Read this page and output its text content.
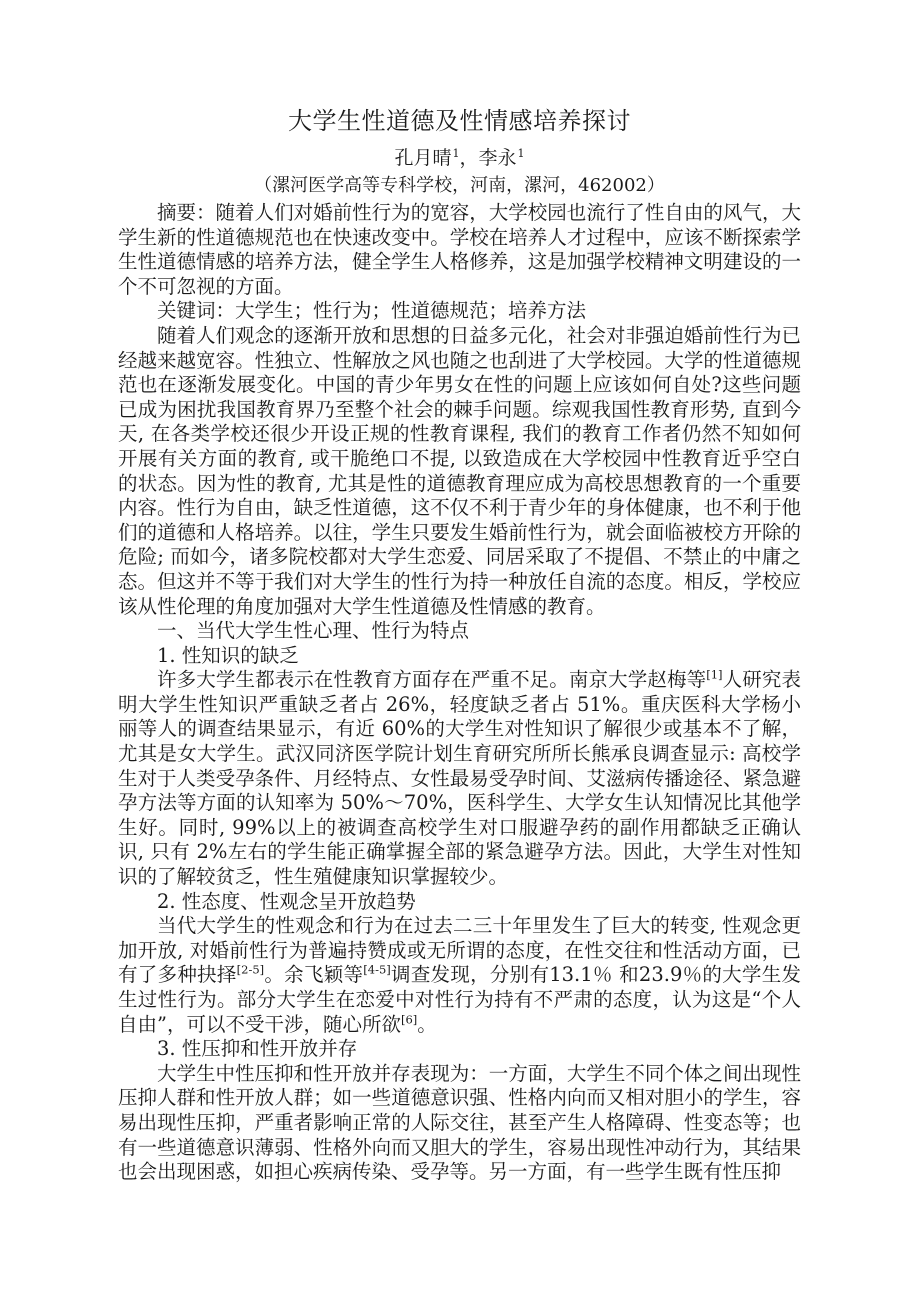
大学生性道德及性情感培养探讨
孔月晴$^1$，李永$^1$
（漯河医学高等专科学校，河南，漯河，462002）

摘要：随着人们对婚前性行为的宽容，大学校园也流行了性自由的风气，大学生新的性道德规范也在快速改变中。学校在培养人才过程中，应该不断探索学生性道德情感的培养方法，健全学生人格修养，这是加强学校精神文明建设的一个不可忽视的方面。

关键词：大学生；性行为；性道德规范；培养方法

随着人们观念的逐渐开放和思想的日益多元化，社会对非强迫婚前性行为已经越来越宽容。性独立、性解放之风也随之也刮进了大学校园。大学的性道德规范也在逐渐发展变化。中国的青少年男女在性的问题上应该如何自处?这些问题已成为困扰我国教育界乃至整个社会的棘手问题。综观我国性教育形势, 直到今天, 在各类学校还很少开设正规的性教育课程, 我们的教育工作者仍然不知如何开展有关方面的教育, 或干脆绝口不提, 以致造成在大学校园中性教育近乎空白的状态。因为性的教育, 尤其是性的道德教育理应成为高校思想教育的一个重要内容。性行为自由，缺乏性道德，这不仅不利于青少年的身体健康，也不利于他们的道德和人格培养。以往，学生只要发生婚前性行为，就会面临被校方开除的危险; 而如今，诸多院校都对大学生恋爱、同居采取了不提倡、不禁止的中庸之态。但这并不等于我们对大学生的性行为持一种放任自流的态度。相反，学校应该从性伦理的角度加强对大学生性道德及性情感的教育。

一、当代大学生性心理、性行为特点
1. 性知识的缺乏

许多大学生都表示在性教育方面存在严重不足。南京大学赵梅等[1]人研究表明大学生性知识严重缺乏者占 26%，轻度缺乏者占 51%。重庆医科大学杨小丽等人的调查结果显示，有近 60%的大学生对性知识了解很少或基本不了解，尤其是女大学生。武汉同济医学院计划生育研究所所长熊承良调查显示: 高校学生对于人类受孕条件、月经特点、女性最易受孕时间、艾滋病传播途径、紧急避孕方法等方面的认知率为 50%～70%，医科学生、大学女生认知情况比其他学生好。同时, 99%以上的被调查高校学生对口服避孕药的副作用都缺乏正确认识, 只有 2%左右的学生能正确掌握全部的紧急避孕方法。因此，大学生对性知识的了解较贫乏，性生殖健康知识掌握较少。

2. 性态度、性观念呈开放趋势

当代大学生的性观念和行为在过去二三十年里发生了巨大的转变, 性观念更加开放, 对婚前性行为普遍持赞成或无所谓的态度，在性交往和性活动方面，已有了多种抉择[2-5]。余飞颖等[4-5]调查发现，分别有13.1％ 和23.9％的大学生发生过性行为。部分大学生在恋爱中对性行为持有不严肃的态度，认为这是“个人自由”，可以不受干涉，随心所欲[6]。

3. 性压抑和性开放并存

大学生中性压抑和性开放并存表现为：一方面，大学生不同个体之间出现性压抑人群和性开放人群；如一些道德意识强、性格内向而又相对胆小的学生，容易出现性压抑，严重者影响正常的人际交往，甚至产生人格障碍、性变态等；也有一些道德意识薄弱、性格外向而又胆大的学生，容易出现性冲动行为，其结果也会出现困惑，如担心疾病传染、受孕等。另一方面，有一些学生既有性压抑
